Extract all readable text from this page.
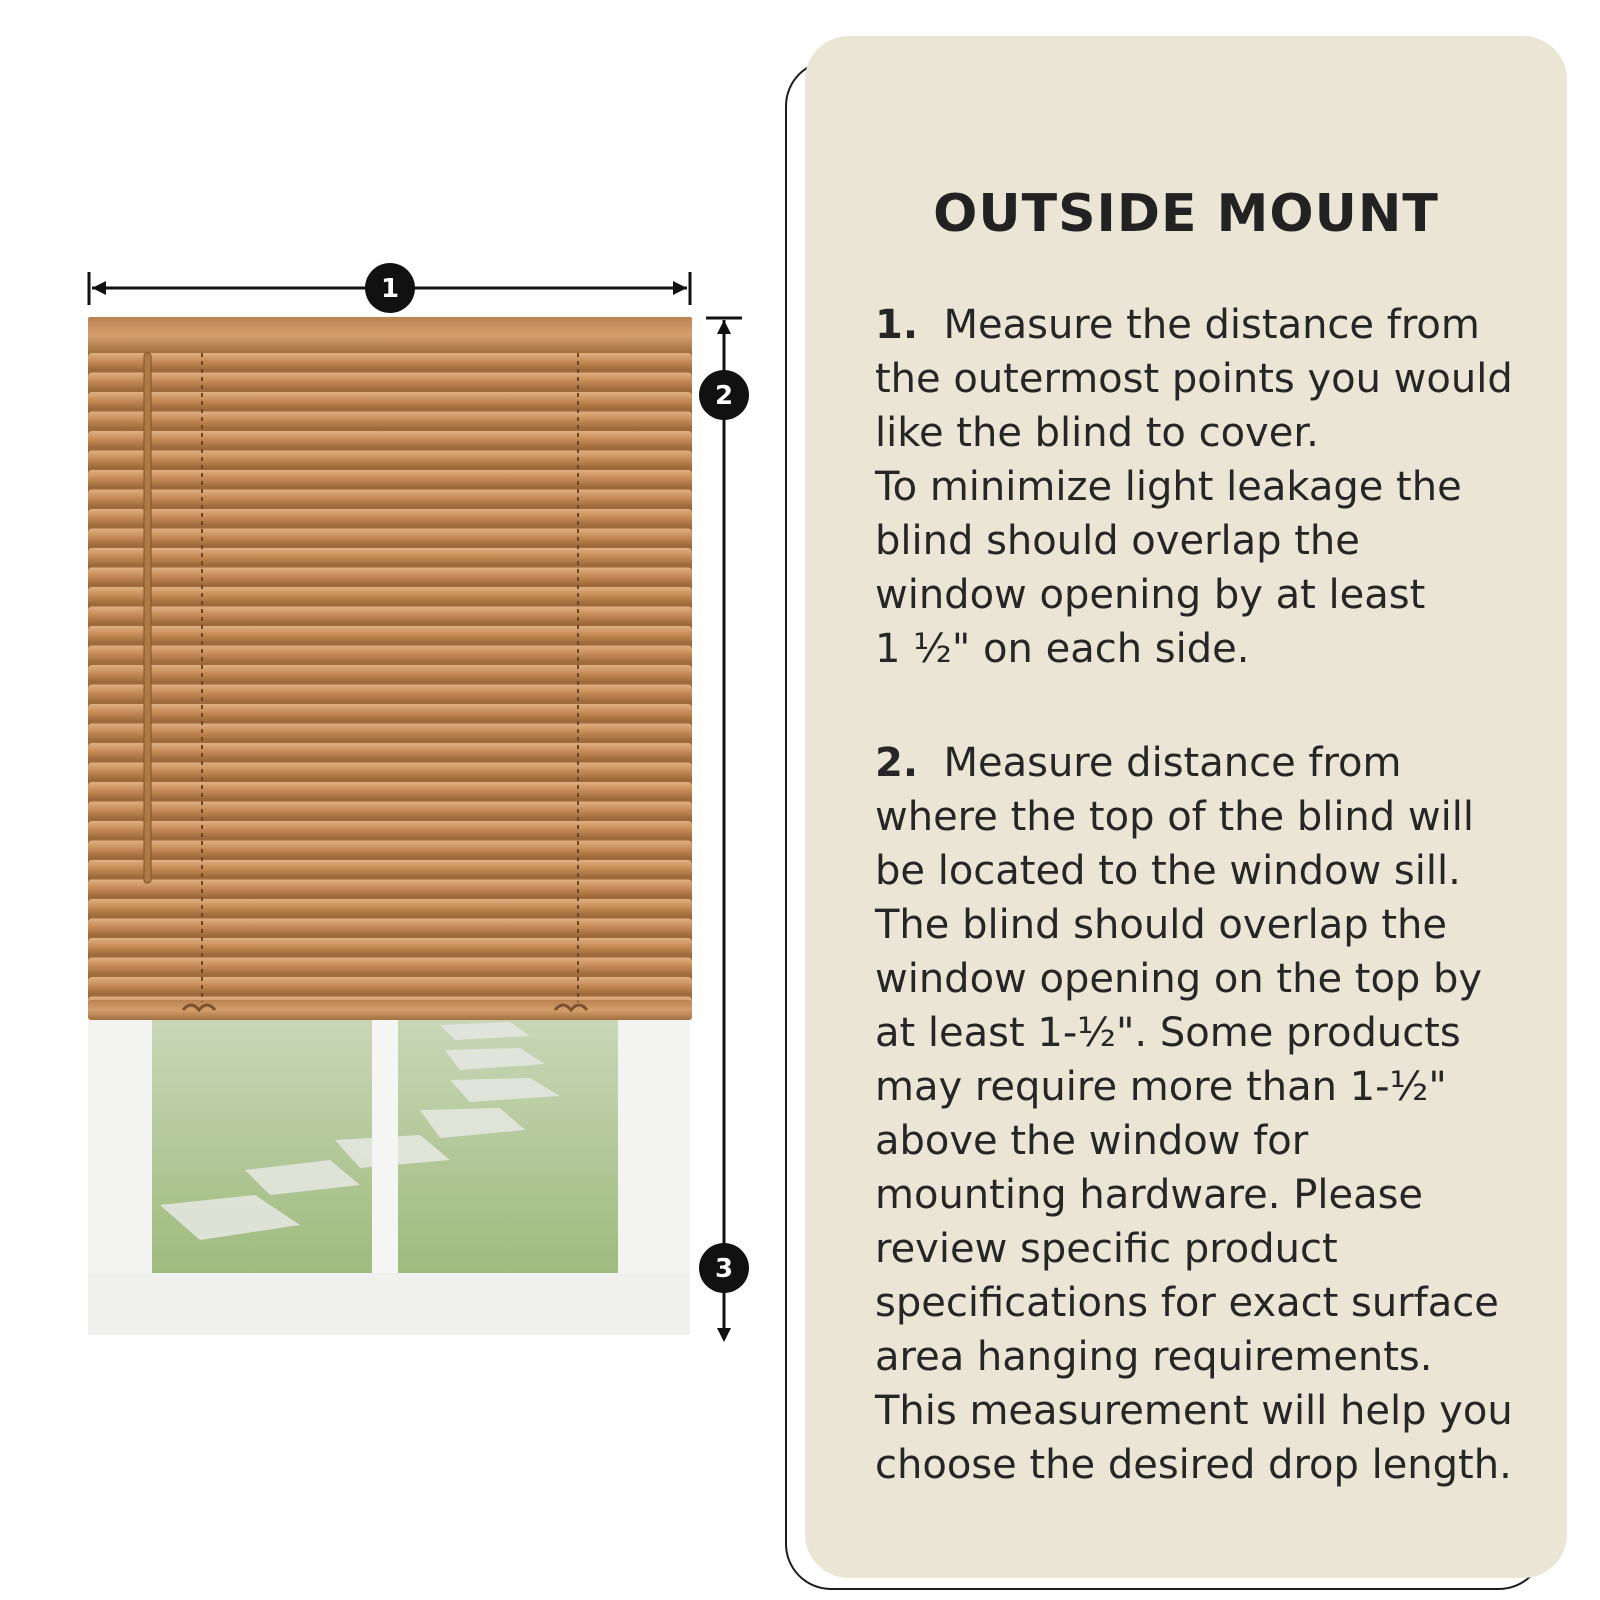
1
2
3
OUTSIDE MOUNT

1. Measure the distance from
the outermost points you would
like the blind to cover.
To minimize light leakage the
blind should overlap the
window opening by at least
1 ½" on each side.

2. Measure distance from
where the top of the blind will
be located to the window sill.
The blind should overlap the
window opening on the top by
at least 1-½". Some products
may require more than 1-½"
above the window for
mounting hardware. Please
review specific product
specifications for exact surface
area hanging requirements.
This measurement will help you
choose the desired drop length.
